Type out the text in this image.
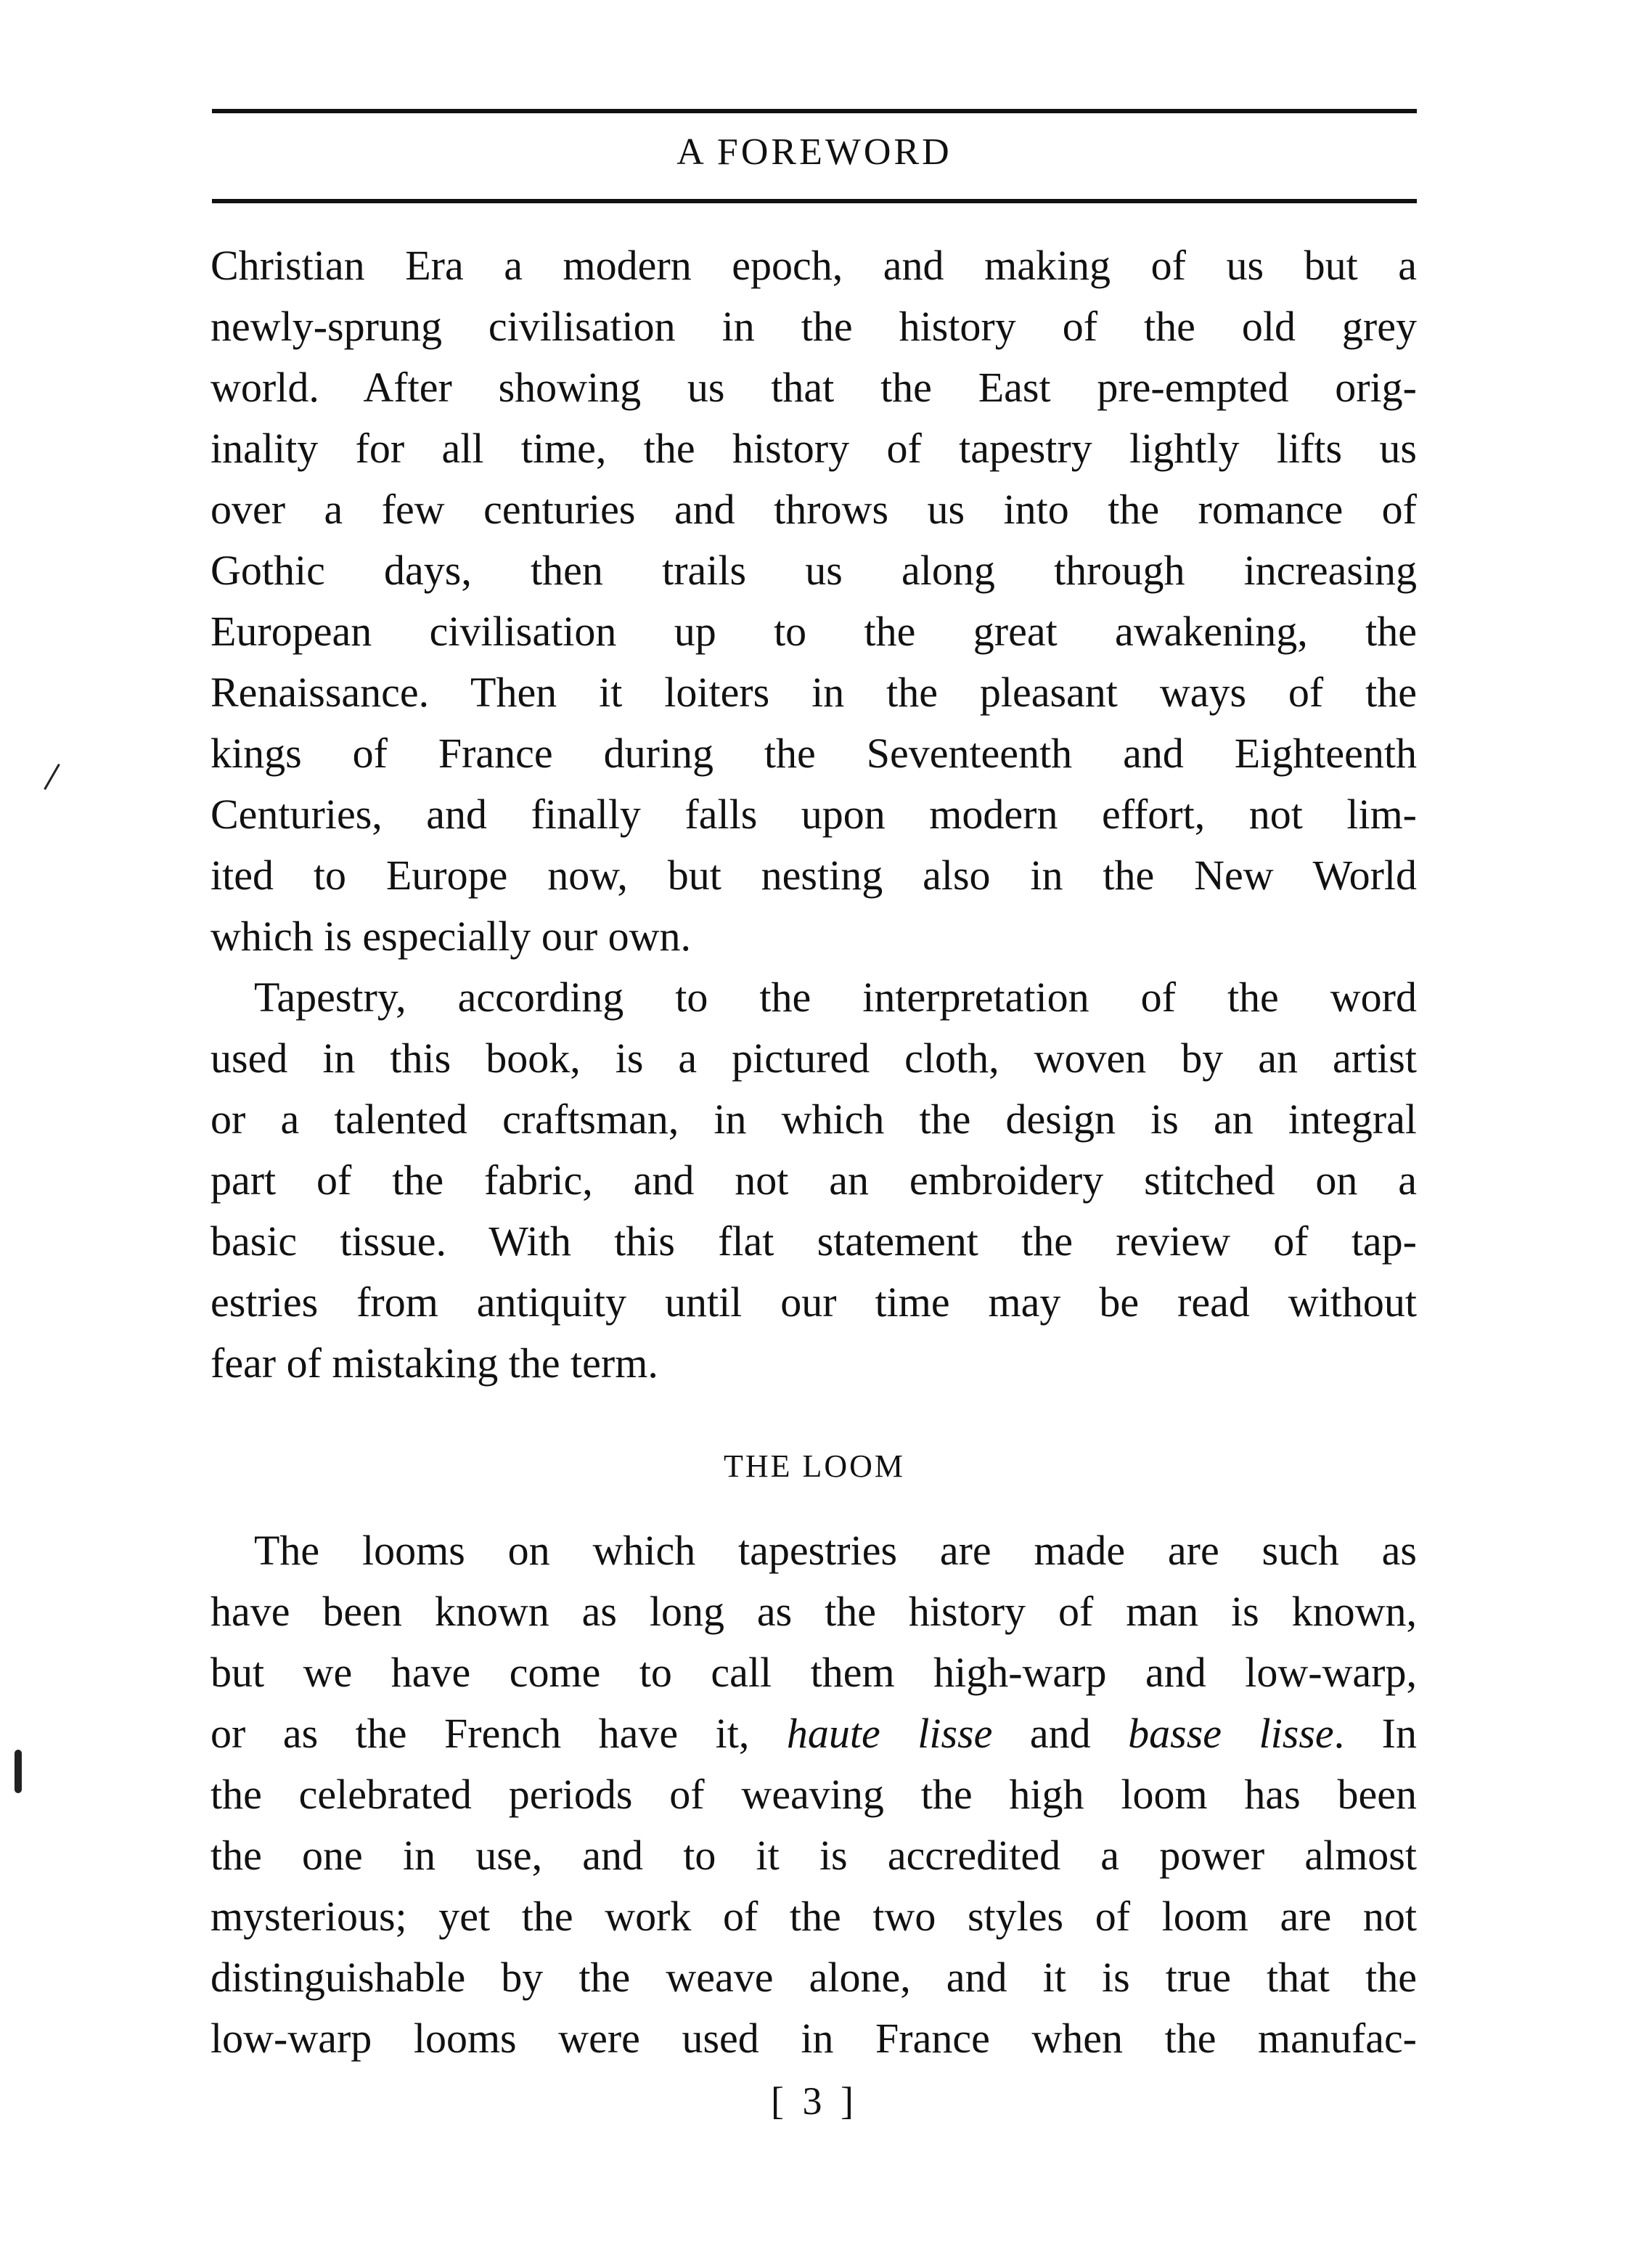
A FOREWORD
Christian Era a modern epoch, and making of us but a
newly-sprung civilisation in the history of the old grey
world. After showing us that the East pre-empted orig-
inality for all time, the history of tapestry lightly lifts us
over a few centuries and throws us into the romance of
Gothic days, then trails us along through increasing
European civilisation up to the great awakening, the
Renaissance. Then it loiters in the pleasant ways of the
kings of France during the Seventeenth and Eighteenth
Centuries, and finally falls upon modern effort, not lim-
ited to Europe now, but nesting also in the New World
which is especially our own.
Tapestry, according to the interpretation of the word
used in this book, is a pictured cloth, woven by an artist
or a talented craftsman, in which the design is an integral
part of the fabric, and not an embroidery stitched on a
basic tissue. With this flat statement the review of tap-
estries from antiquity until our time may be read without
fear of mistaking the term.
THE LOOM
The looms on which tapestries are made are such as
have been known as long as the history of man is known,
but we have come to call them high-warp and low-warp,
or as the French have it, haute lisse and basse lisse. In
the celebrated periods of weaving the high loom has been
the one in use, and to it is accredited a power almost
mysterious; yet the work of the two styles of loom are not
distinguishable by the weave alone, and it is true that the
low-warp looms were used in France when the manufac-
[ 3 ]
